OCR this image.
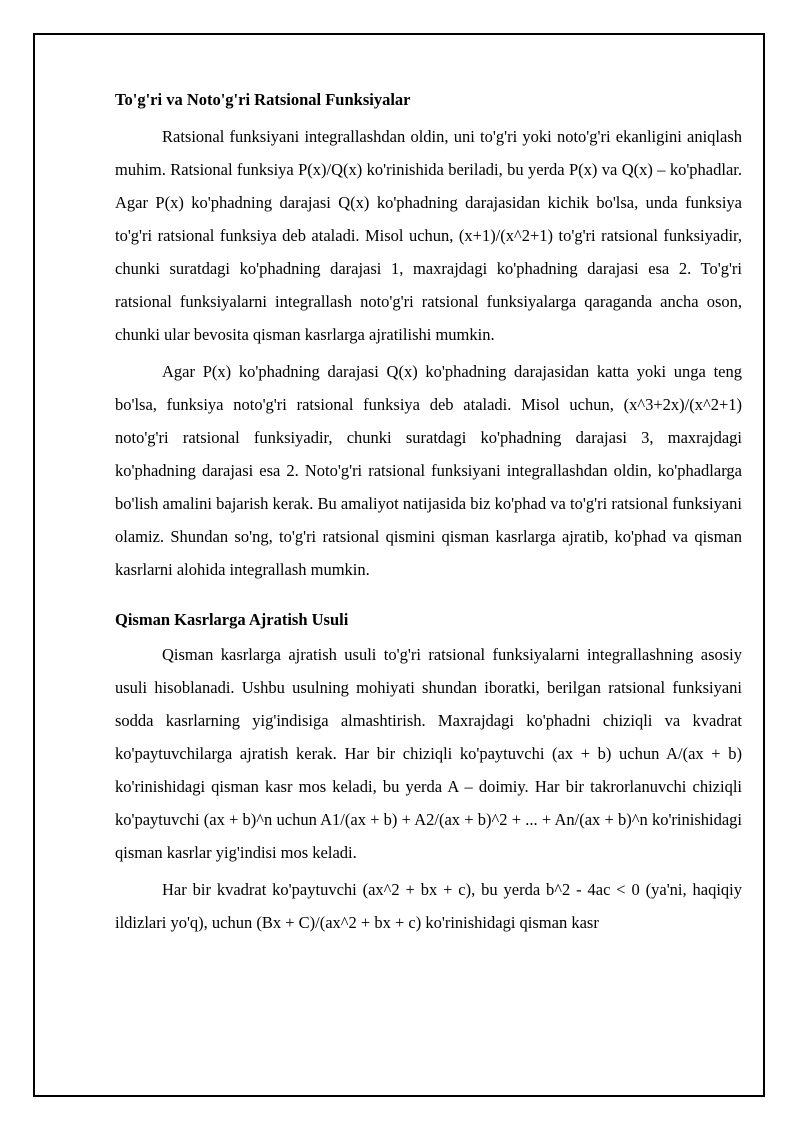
To'g'ri va Noto'g'ri Ratsional Funksiyalar

Ratsional funksiyani integrallashdan oldin, uni to'g'ri yoki noto'g'ri ekanligini aniqlash muhim. Ratsional funksiya P(x)/Q(x) ko'rinishida beriladi, bu yerda P(x) va Q(x) – ko'phadlar. Agar P(x) ko'phadning darajasi Q(x) ko'phadning darajasidan kichik bo'lsa, unda funksiya to'g'ri ratsional funksiya deb ataladi. Misol uchun, (x+1)/(x^2+1) to'g'ri ratsional funksiyadir, chunki suratdagi ko'phadning darajasi 1, maxrajdagi ko'phadning darajasi esa 2. To'g'ri ratsional funksiyalarni integrallash noto'g'ri ratsional funksiyalarga qaraganda ancha oson, chunki ular bevosita qisman kasrlarga ajratilishi mumkin.

Agar P(x) ko'phadning darajasi Q(x) ko'phadning darajasidan katta yoki unga teng bo'lsa, funksiya noto'g'ri ratsional funksiya deb ataladi. Misol uchun, (x^3+2x)/(x^2+1) noto'g'ri ratsional funksiyadir, chunki suratdagi ko'phadning darajasi 3, maxrajdagi ko'phadning darajasi esa 2. Noto'g'ri ratsional funksiyani integrallashdan oldin, ko'phadlarga bo'lish amalini bajarish kerak. Bu amaliyot natijasida biz ko'phad va to'g'ri ratsional funksiyani olamiz. Shundan so'ng, to'g'ri ratsional qismini qisman kasrlarga ajratib, ko'phad va qisman kasrlarni alohida integrallash mumkin.

Qisman Kasrlarga Ajratish Usuli

Qisman kasrlarga ajratish usuli to'g'ri ratsional funksiyalarni integrallashning asosiy usuli hisoblanadi. Ushbu usulning mohiyati shundan iboratki, berilgan ratsional funksiyani sodda kasrlarning yig'indisiga almashtirish. Maxrajdagi ko'phadni chiziqli va kvadrat ko'paytuvchilarga ajratish kerak. Har bir chiziqli ko'paytuvchi (ax + b) uchun A/(ax + b) ko'rinishidagi qisman kasr mos keladi, bu yerda A – doimiy. Har bir takrorlanuvchi chiziqli ko'paytuvchi (ax + b)^n uchun A1/(ax + b) + A2/(ax + b)^2 + ... + An/(ax + b)^n ko'rinishidagi qisman kasrlar yig'indisi mos keladi.

Har bir kvadrat ko'paytuvchi (ax^2 + bx + c), bu yerda b^2 - 4ac < 0 (ya'ni, haqiqiy ildizlari yo'q), uchun (Bx + C)/(ax^2 + bx + c) ko'rinishidagi qisman kasr
